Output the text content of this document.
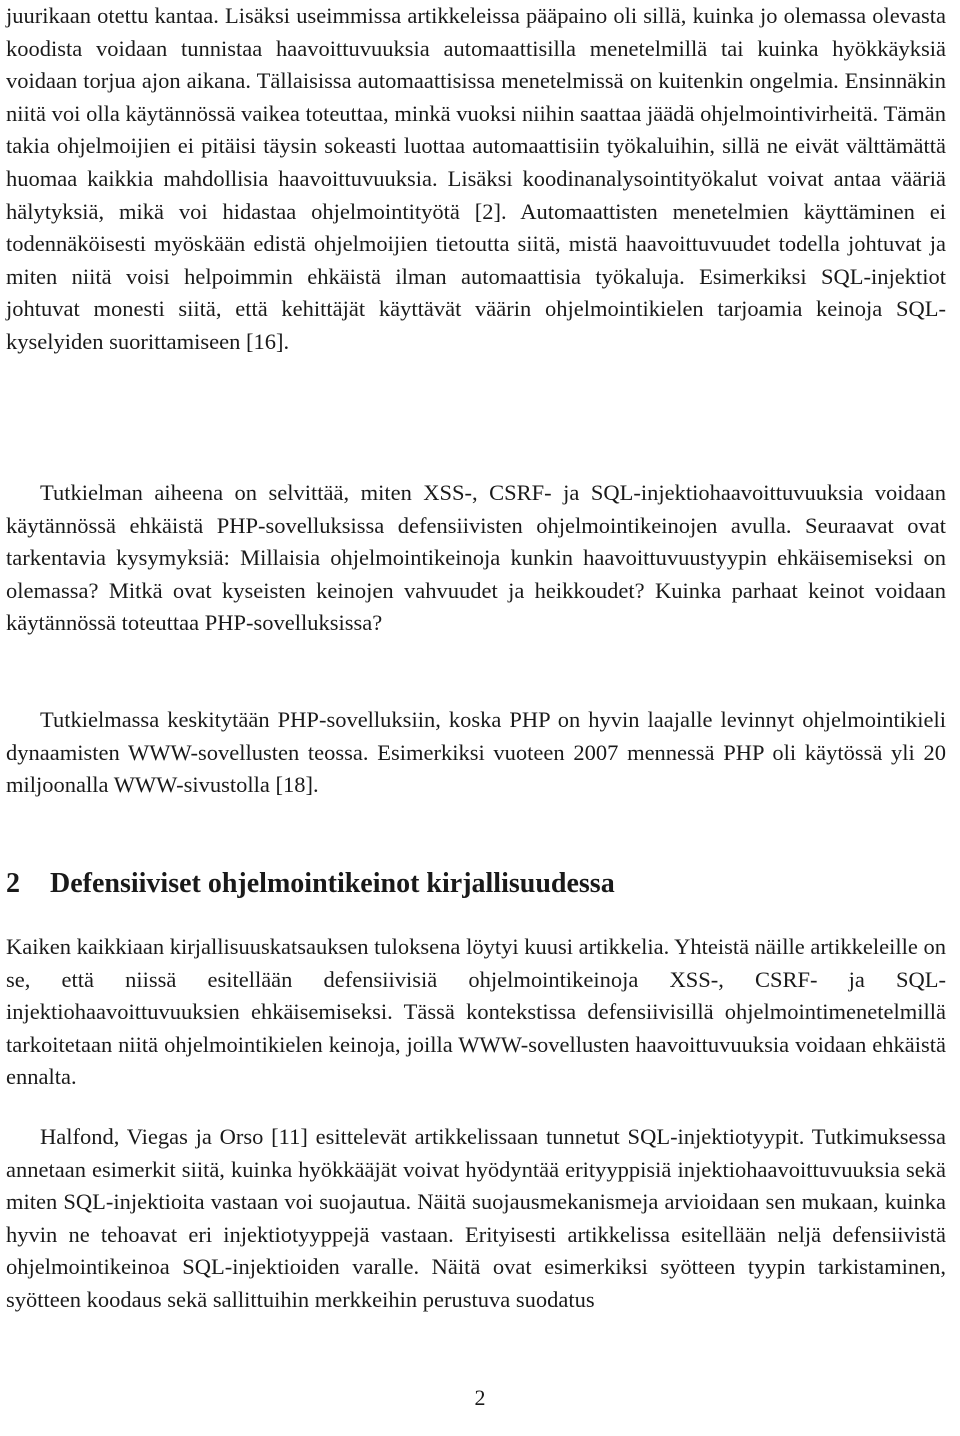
juurikaan otettu kantaa. Lisäksi useimmissa artikkeleissa pääpaino oli sillä, kuinka jo olemassa olevasta koodista voidaan tunnistaa haavoittuvuuksia automaattisilla menetelmillä tai kuinka hyökkäyksiä voidaan torjua ajon aikana. Tällaisissa automaattisissa menetelmissä on kuitenkin ongelmia. Ensinnäkin niitä voi olla käytännössä vaikea toteuttaa, minkä vuoksi niihin saattaa jäädä ohjelmointivirheitä. Tämän takia ohjelmoijien ei pitäisi täysin sokeasti luottaa automaattisiin työkaluihin, sillä ne eivät välttämättä huomaa kaikkia mahdollisia haavoittuvuuksia. Lisäksi koodinanalysointityökalut voivat antaa vääriä hälytyksiä, mikä voi hidastaa ohjelmointityötä [2]. Automaattisten menetelmien käyttäminen ei todennäköisesti myöskään edistä ohjelmoijien tietoutta siitä, mistä haavoittuvuudet todella johtuvat ja miten niitä voisi helpoimmin ehkäistä ilman automaattisia työkaluja. Esimerkiksi SQL-injektiot johtuvat monesti siitä, että kehittäjät käyttävät väärin ohjelmointikielen tarjoamia keinoja SQL-kyselyiden suorittamiseen [16].

Tutkielman aiheena on selvittää, miten XSS-, CSRF- ja SQL-injektiohaavoittuvuuksia voidaan käytännössä ehkäistä PHP-sovelluksissa defensiivisten ohjelmointikeinojen avulla. Seuraavat ovat tarkentavia kysymyksiä: Millaisia ohjelmointikeinoja kunkin haavoittuvuustyypin ehkäisemiseksi on olemassa? Mitkä ovat kyseisten keinojen vahvuudet ja heikkoudet? Kuinka parhaat keinot voidaan käytännössä toteuttaa PHP-sovelluksissa?

Tutkielmassa keskitytään PHP-sovelluksiin, koska PHP on hyvin laajalle levinnyt ohjelmointikieli dynaamisten WWW-sovellusten teossa. Esimerkiksi vuoteen 2007 mennessä PHP oli käytössä yli 20 miljoonalla WWW-sivustolla [18].

2 Defensiiviset ohjelmointikeinot kirjallisuudessa

Kaiken kaikkiaan kirjallisuuskatsauksen tuloksena löytyi kuusi artikkelia. Yhteistä näille artikkeleille on se, että niissä esitellään defensiivisiä ohjelmointikeinoja XSS-, CSRF- ja SQL-injektiohaavoittuvuuksien ehkäisemiseksi. Tässä kontekstissa defensiivisillä ohjelmointimenetelmillä tarkoitetaan niitä ohjelmointikielen keinoja, joilla WWW-sovellusten haavoittuvuuksia voidaan ehkäistä ennalta.

Halfond, Viegas ja Orso [11] esittelevät artikkelissaan tunnetut SQL-injektiotyypit. Tutkimuksessa annetaan esimerkit siitä, kuinka hyökkääjät voivat hyödyntää erityyppisiä injektiohaavoittuvuuksia sekä miten SQL-injektioita vastaan voi suojautua. Näitä suojausmekanismeja arvioidaan sen mukaan, kuinka hyvin ne tehoavat eri injektiotyyppejä vastaan. Erityisesti artikkelissa esitellään neljä defensiivistä ohjelmointikeinoa SQL-injektioiden varalle. Näitä ovat esimerkiksi syötteen tyypin tarkistaminen, syötteen koodaus sekä sallittuihin merkkeihin perustuva suodatus

2
